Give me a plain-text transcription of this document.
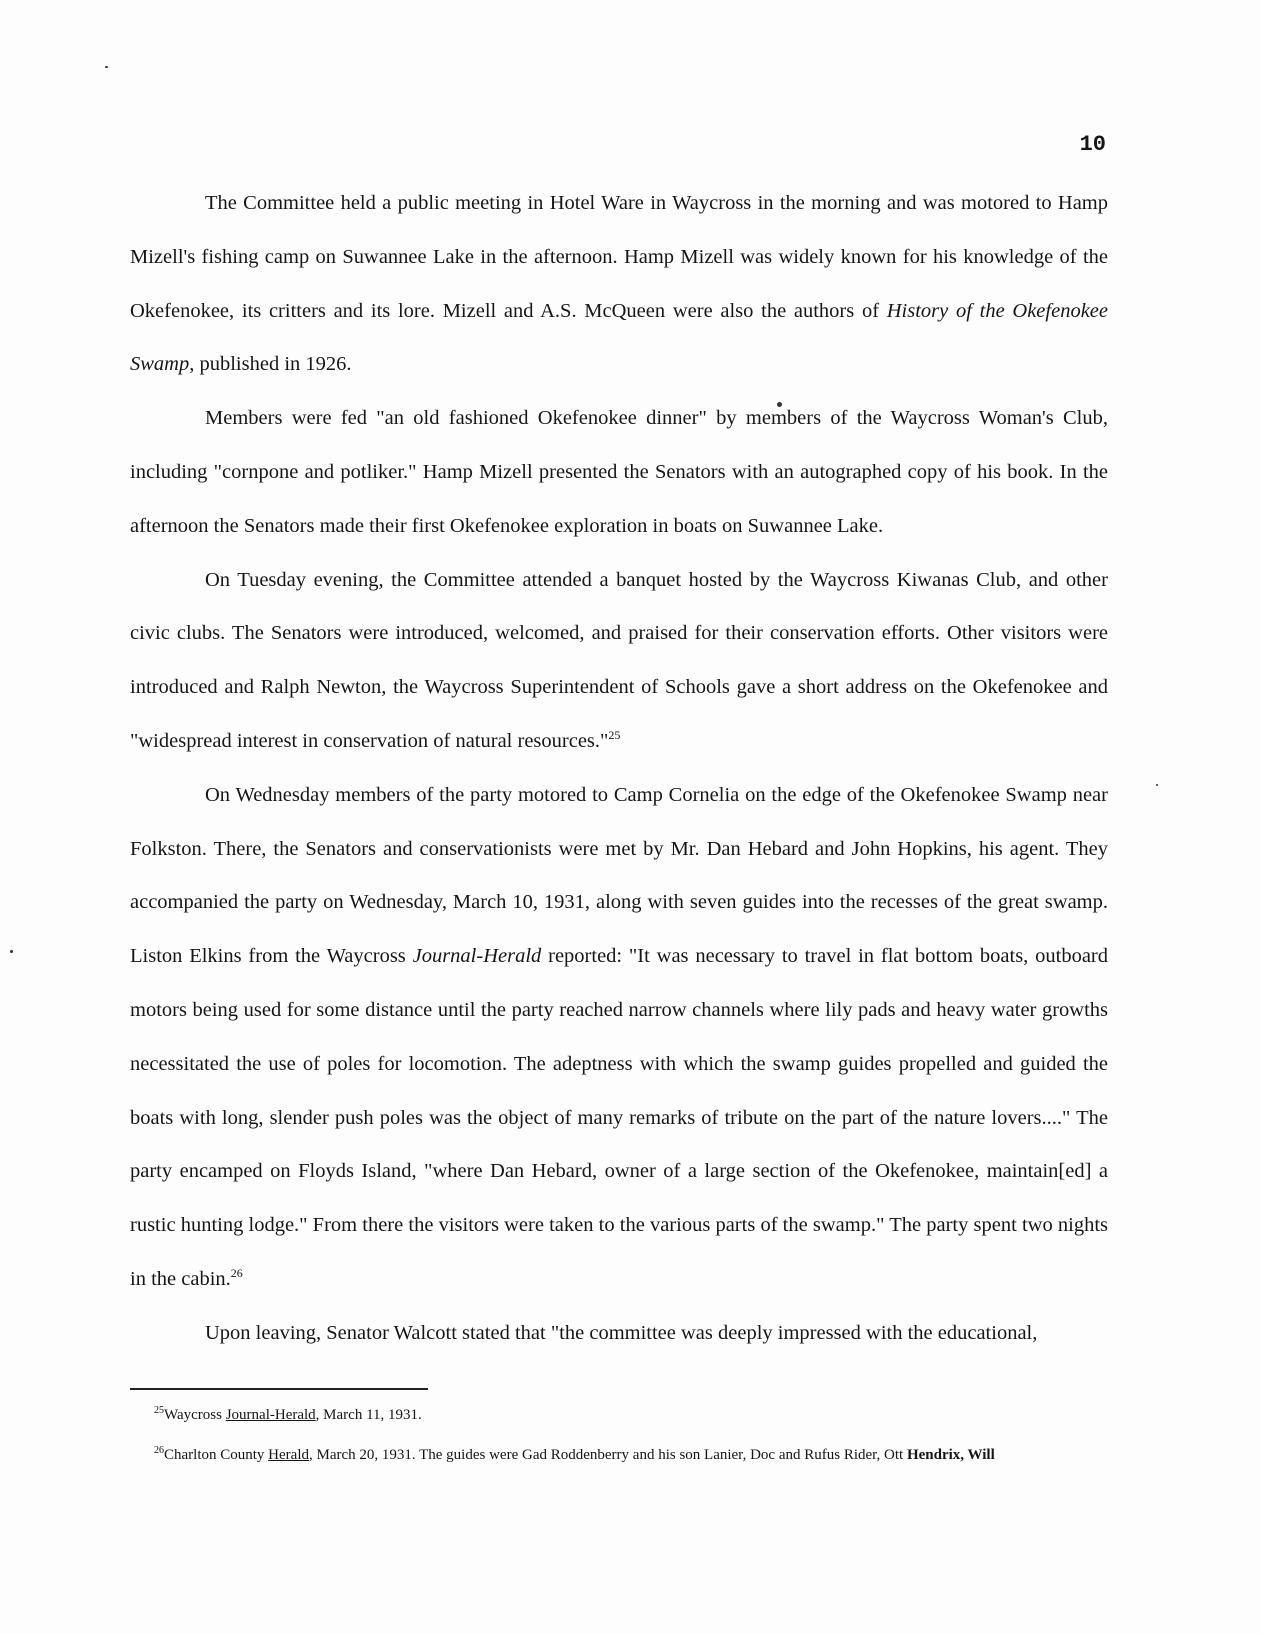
10

The Committee held a public meeting in Hotel Ware in Waycross in the morning and was motored to Hamp Mizell's fishing camp on Suwannee Lake in the afternoon. Hamp Mizell was widely known for his knowledge of the Okefenokee, its critters and its lore. Mizell and A.S. McQueen were also the authors of History of the Okefenokee Swamp, published in 1926.

Members were fed "an old fashioned Okefenokee dinner" by members of the Waycross Woman's Club, including "cornpone and potliker." Hamp Mizell presented the Senators with an autographed copy of his book. In the afternoon the Senators made their first Okefenokee exploration in boats on Suwannee Lake.

On Tuesday evening, the Committee attended a banquet hosted by the Waycross Kiwanas Club, and other civic clubs. The Senators were introduced, welcomed, and praised for their conservation efforts. Other visitors were introduced and Ralph Newton, the Waycross Superintendent of Schools gave a short address on the Okefenokee and "widespread interest in conservation of natural resources."$^{25}$

On Wednesday members of the party motored to Camp Cornelia on the edge of the Okefenokee Swamp near Folkston. There, the Senators and conservationists were met by Mr. Dan Hebard and John Hopkins, his agent. They accompanied the party on Wednesday, March 10, 1931, along with seven guides into the recesses of the great swamp. Liston Elkins from the Waycross Journal-Herald reported: "It was necessary to travel in flat bottom boats, outboard motors being used for some distance until the party reached narrow channels where lily pads and heavy water growths necessitated the use of poles for locomotion. The adeptness with which the swamp guides propelled and guided the boats with long, slender push poles was the object of many remarks of tribute on the part of the nature lovers...." The party encamped on Floyds Island, "where Dan Hebard, owner of a large section of the Okefenokee, maintain[ed] a rustic hunting lodge." From there the visitors were taken to the various parts of the swamp." The party spent two nights in the cabin.$^{26}$

Upon leaving, Senator Walcott stated that "the committee was deeply impressed with the educational,

$^{25}$Waycross Journal-Herald, March 11, 1931.

$^{26}$Charlton County Herald, March 20, 1931. The guides were Gad Roddenberry and his son Lanier, Doc and Rufus Rider, Ott Hendrix, Will
